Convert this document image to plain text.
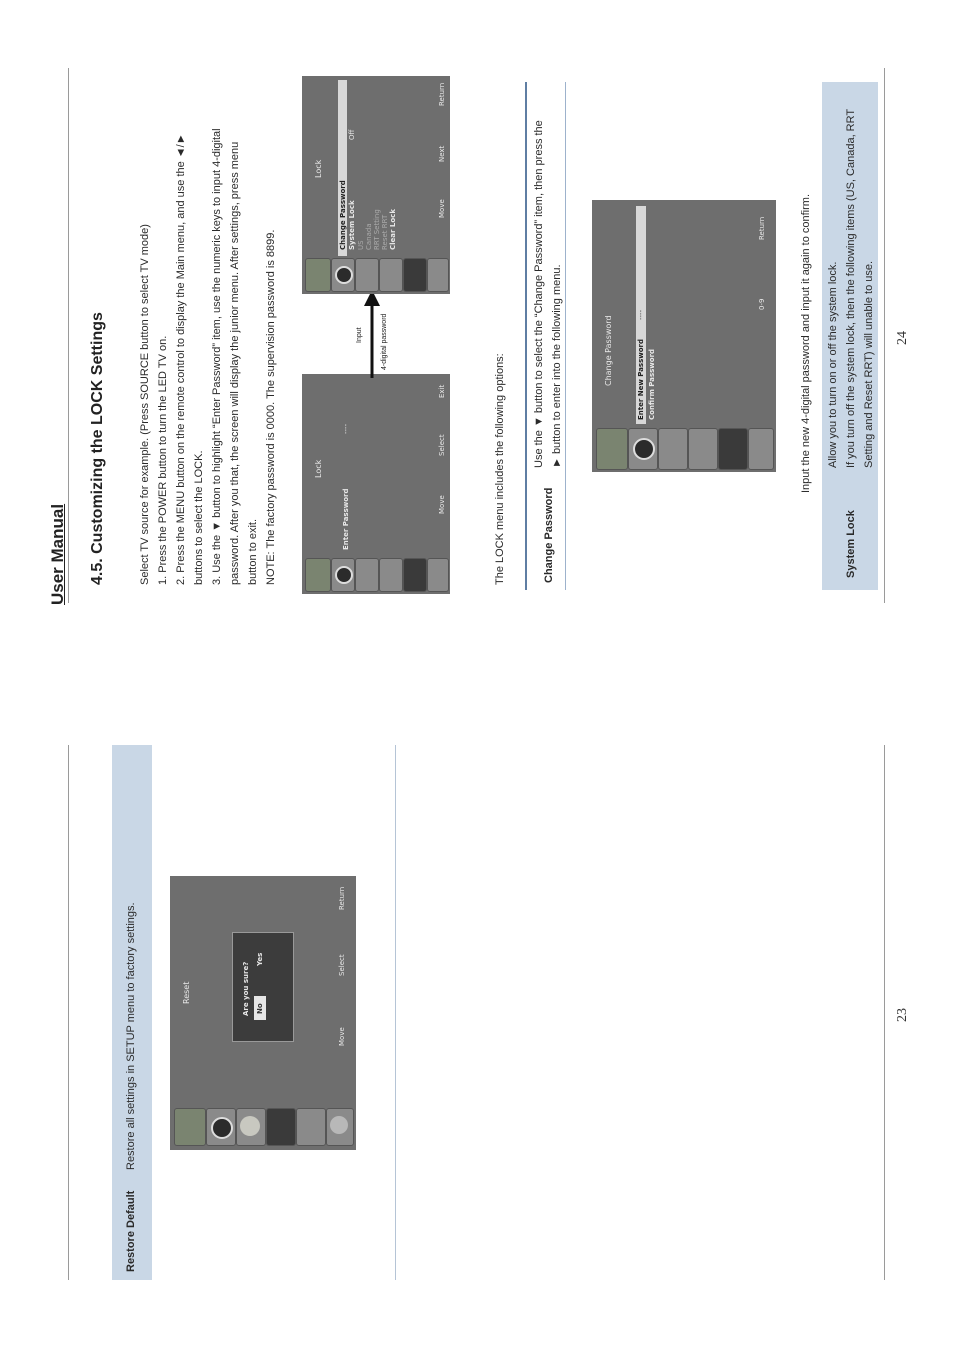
Restore Default
Restore all settings in SETUP menu to factory settings.	Reset	Are you sure? No
Yes
Move
Select
Return
23
User Manual 4.5. Customizing the LOCK Settings	Select TV source for example. (Press SOURCE button to select TV mode) 1. Press the POWER button to turn the LED TV on. 2. Press the MENU button on the remote control to display the Main menu, and use the ◄/► buttons to select the LOCK. 3. Use the ▼ button to highlight “Enter Password” item, use the numeric keys to input 4-digital password. After you that, the screen will display the junior menu. After settings, press menu button to exit. NOTE: The factory password is 0000. The supervision password is 8899.	Lock
Enter Password
----
Move
Select
Exit
Input	4-digital password
Lock
Change Password System Lock
Off
US Canada RRT Setting Reset RRT Clear Lock
Move
Next
Return
The LOCK menu includes the following options:	Change Password
Use the ▼ button to select the “Change Password” item, then press the ► button to enter into the following menu.	Change Password	Enter New Password Confirm Password
----
0-9
Return	Input the new 4-digital password and input it again to confirm.
System Lock
Allow you to turn on or off the system lock. If you turn off the system lock, then the following items (US, Canada, RRT Setting and Reset RRT) will unable to use. 24
